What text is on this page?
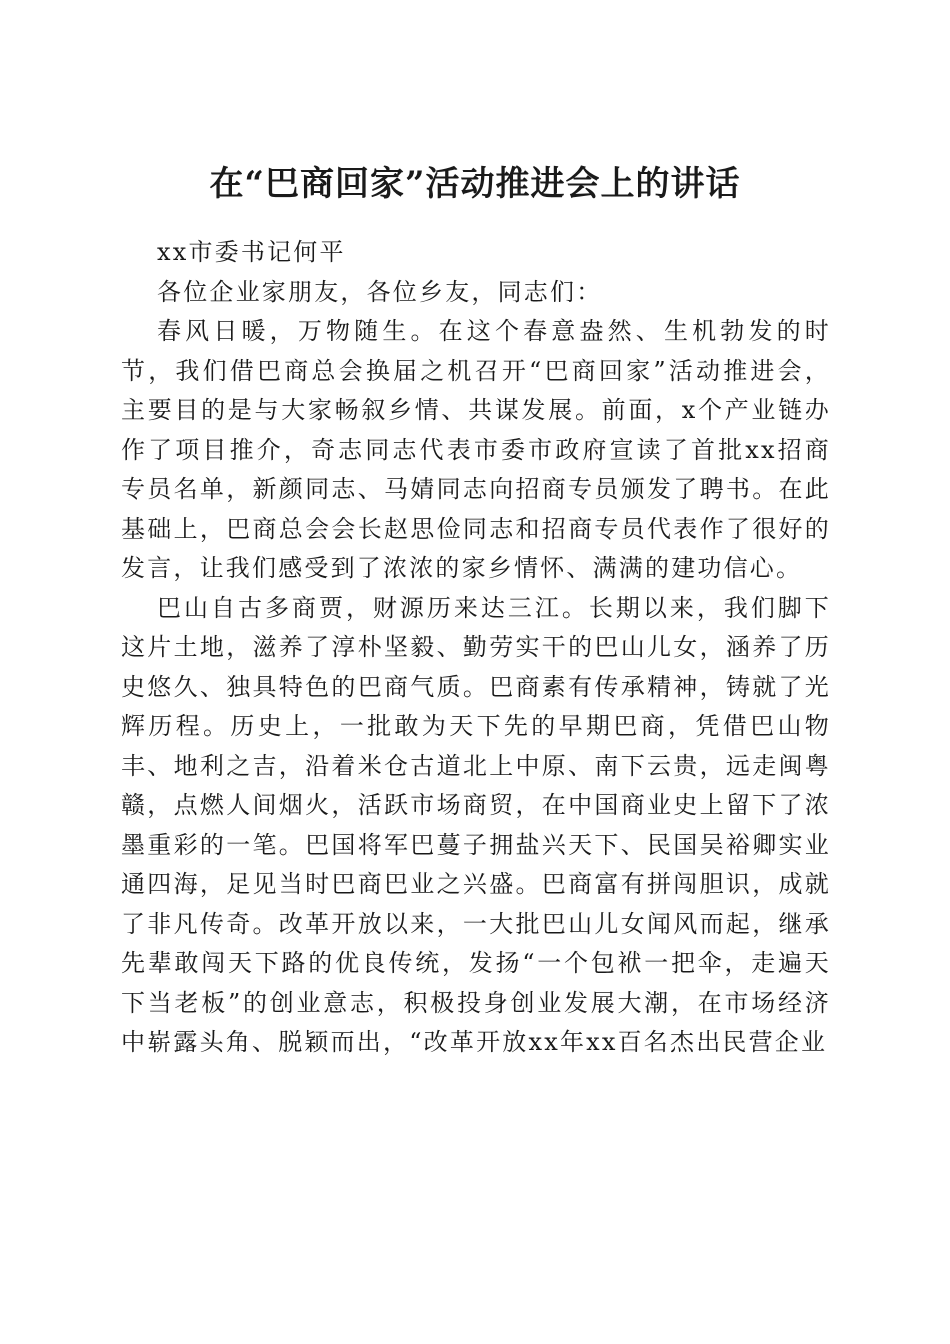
在“巴商回家”活动推进会上的讲话

xx市委书记何平

各位企业家朋友，各位乡友，同志们：

春风日暖，万物随生。在这个春意盎然、生机勃发的时节，我们借巴商总会换届之机召开“巴商回家”活动推进会，主要目的是与大家畅叙乡情、共谋发展。前面，x个产业链办作了项目推介，奇志同志代表市委市政府宣读了首批xx招商专员名单，新颜同志、马婧同志向招商专员颁发了聘书。在此基础上，巴商总会会长赵思俭同志和招商专员代表作了很好的发言，让我们感受到了浓浓的家乡情怀、满满的建功信心。

巴山自古多商贾，财源历来达三江。长期以来，我们脚下这片土地，滋养了淳朴坚毅、勤劳实干的巴山儿女，涵养了历史悠久、独具特色的巴商气质。巴商素有传承精神，铸就了光辉历程。历史上，一批敢为天下先的早期巴商，凭借巴山物丰、地利之吉，沿着米仓古道北上中原、南下云贵，远走闽粤赣，点燃人间烟火，活跃市场商贸，在中国商业史上留下了浓墨重彩的一笔。巴国将军巴蔓子拥盐兴天下、民国吴裕卿实业通四海，足见当时巴商巴业之兴盛。巴商富有拼闯胆识，成就了非凡传奇。改革开放以来，一大批巴山儿女闻风而起，继承先辈敢闯天下路的优良传统，发扬“一个包袱一把伞，走遍天下当老板”的创业意志，积极投身创业发展大潮，在市场经济中崭露头角、脱颖而出，“改革开放xx年xx百名杰出民营企业
